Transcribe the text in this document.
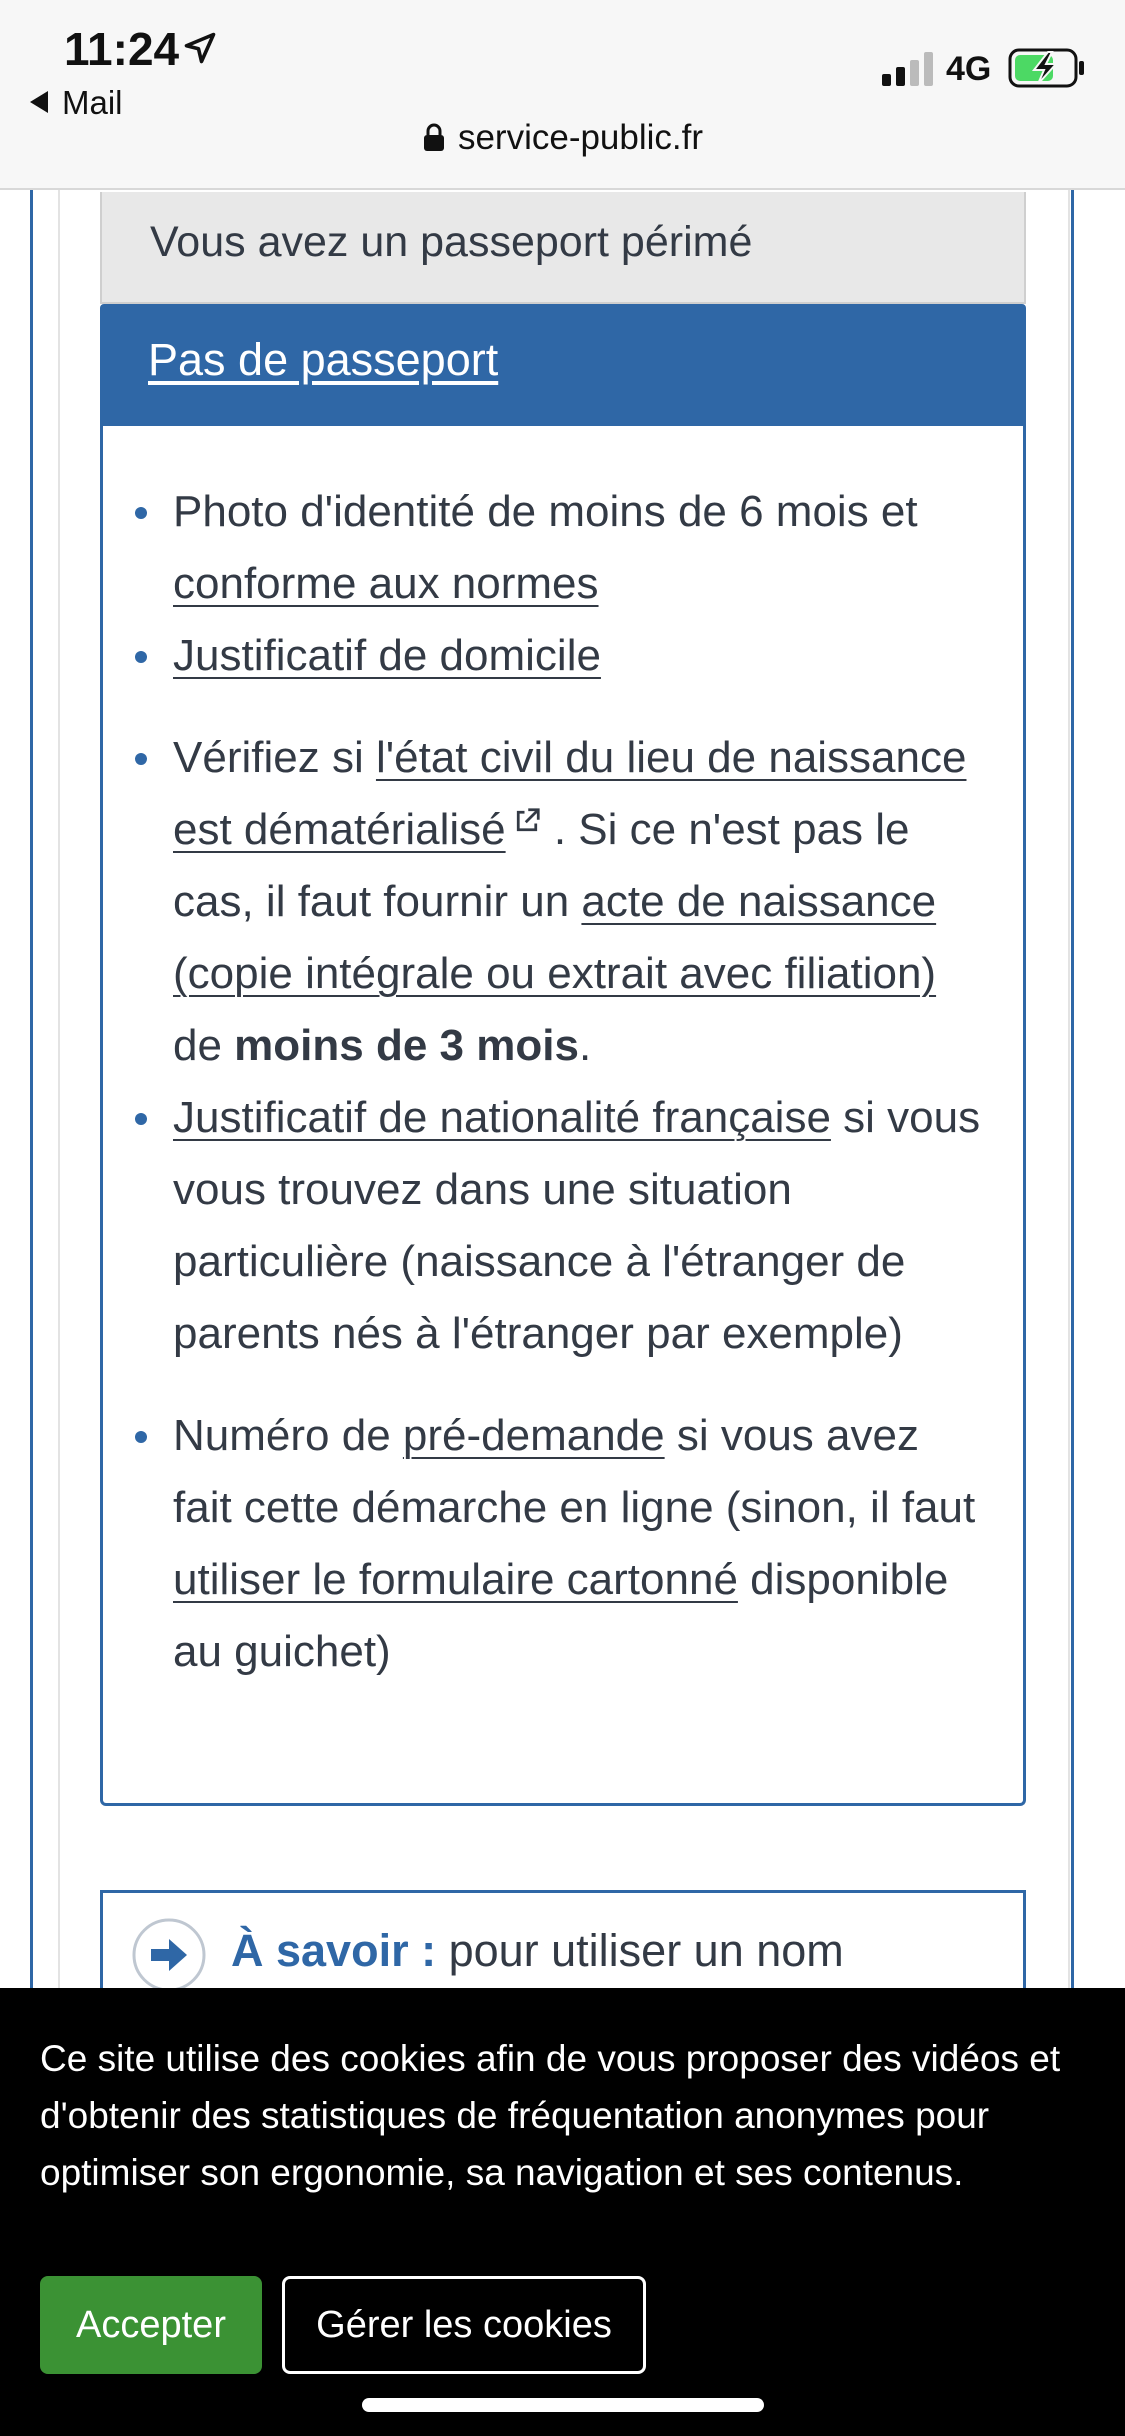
11:24
Mail
4G
service-public.fr
Vous avez un passeport périmé
Pas de passeport
Photo d'identité de moins de 6 mois et conforme aux normes
Justificatif de domicile
Vérifiez si l'état civil du lieu de naissance est dématérialisé . Si ce n'est pas le cas, il faut fournir un acte de naissance (copie intégrale ou extrait avec filiation) de moins de 3 mois.
Justificatif de nationalité française si vous vous trouvez dans une situation particulière (naissance à l'étranger de parents nés à l'étranger par exemple)
Numéro de pré-demande si vous avez fait cette démarche en ligne (sinon, il faut utiliser le formulaire cartonné disponible au guichet)
À savoir : pour utiliser un nom
Ce site utilise des cookies afin de vous proposer des vidéos et d'obtenir des statistiques de fréquentation anonymes pour optimiser son ergonomie, sa navigation et ses contenus.
Accepter	Gérer les cookies
